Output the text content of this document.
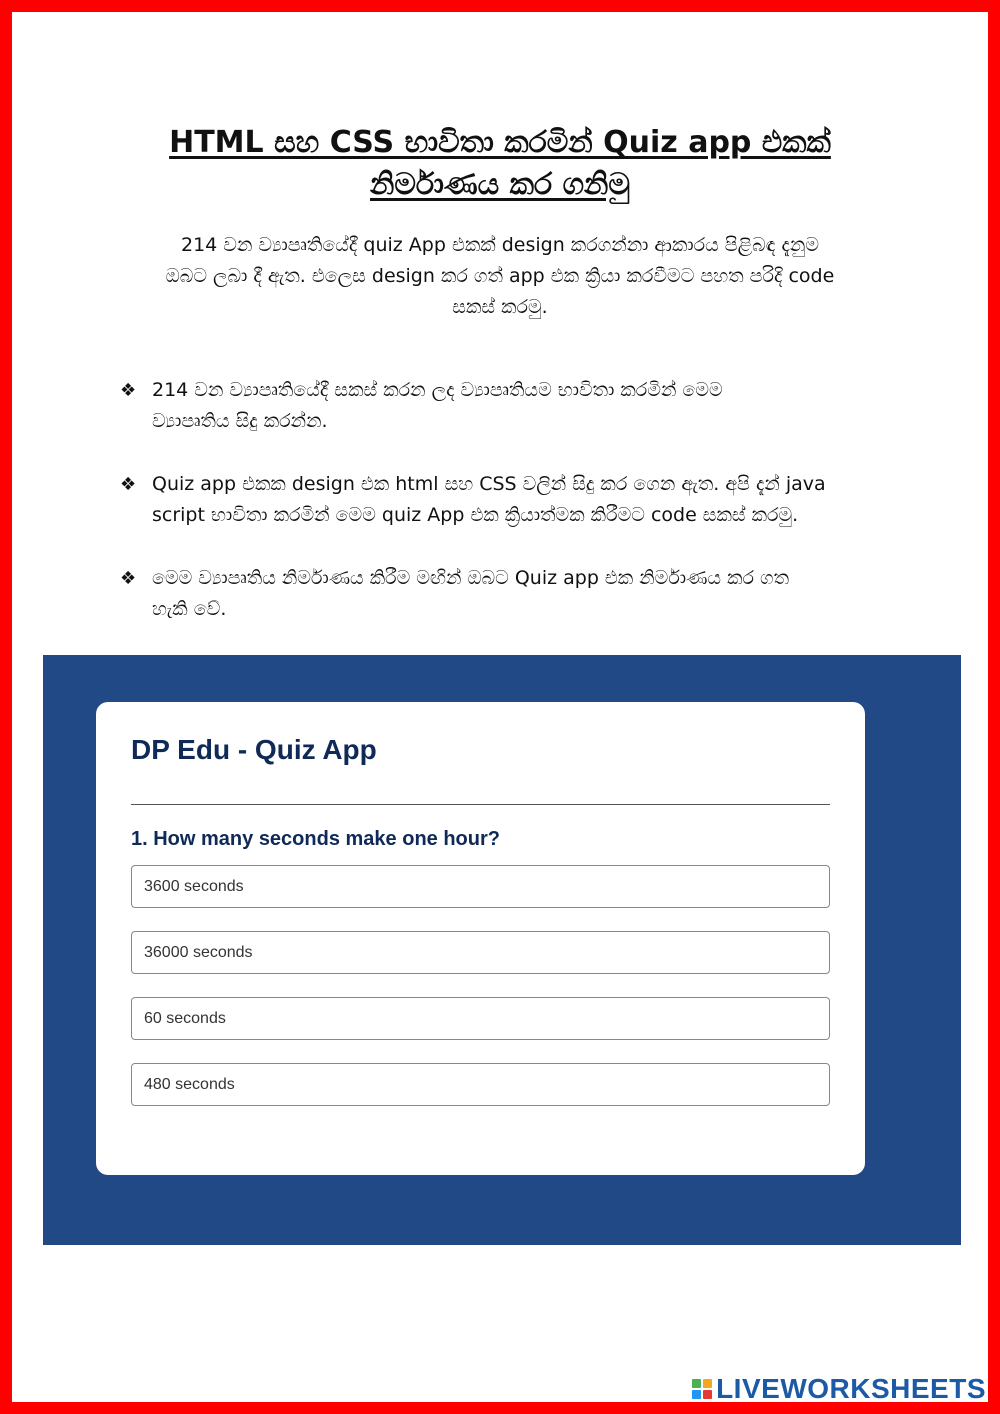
HTML සහ CSS භාවිතා කරමින් Quiz app එකක්
නිර්මාණය කර ගනිමු

214 වන ව්‍යාපෘතියේදී quiz App එකක් design කරගන්නා ආකාරය පිළිබඳ දැනුම
ඔබට ලබා දී ඇත. එලෙස design කර ගත් app එක ක්‍රියා කරවීමට පහත පරිදි code
සකස් කරමු.

❖ 214 වන ව්‍යාපෘතියේදී සකස් කරන ලද ව්‍යාපෘතියම භාවිතා කරමින් මෙම
ව්‍යාපෘතිය සිදු කරන්න.
❖ Quiz app එකක design එක html සහ CSS වලින් සිදු කර ගෙන ඇත. අපි දැන් java
script භාවිතා කරමින් මෙම quiz App එක ක්‍රියාත්මක කිරීමට code සකස් කරමු.
❖ මෙම ව්‍යාපෘතිය නිර්මාණය කිරීම මඟින් ඔබට Quiz app එක නිර්මාණය කර ගත
හැකි වේ.
DP Edu - Quiz App
1. How many seconds make one hour?
3600 seconds
36000 seconds
60 seconds
480 seconds
LIVEWORKSHEETS
